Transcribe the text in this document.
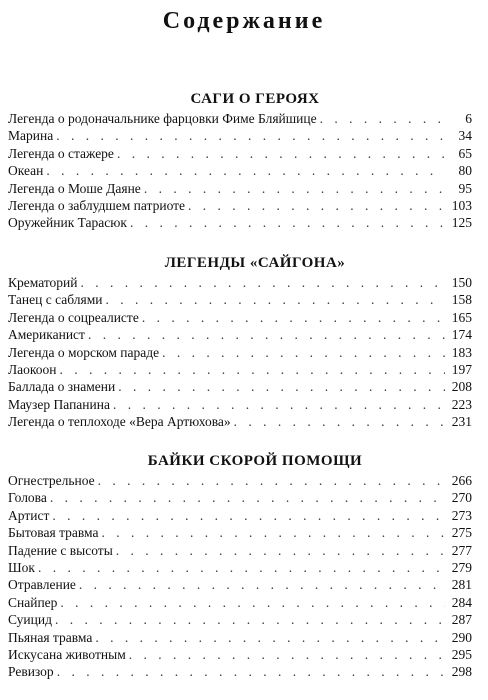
Содержание
САГИ О ГЕРОЯХ
Легенда о родоначальнике фарцовки Фиме Бляйшице . . .	6
Марина . . .	34
Легенда о стажере . . .	65
Океан . . .	80
Легенда о Моше Даяне . . .	95
Легенда о заблудшем патриоте . . .	103
Оружейник Тарасюк . . .	125
ЛЕГЕНДЫ «САЙГОНА»
Крематорий . . .	150
Танец с саблями . . .	158
Легенда о соцреалисте . . .	165
Американист . . .	174
Легенда о морском параде . . .	183
Лаокоон . . .	197
Баллада о знамени . . .	208
Маузер Папанина . . .	223
Легенда о теплоходе «Вера Артюхова» . . .	231
БАЙКИ СКОРОЙ ПОМОЩИ
Огнестрельное . . .	266
Голова . . .	270
Артист . . .	273
Бытовая травма . . .	275
Падение с высоты . . .	277
Шок . . .	279
Отравление . . .	281
Снайпер . . .	284
Суицид . . .	287
Пьяная травма . . .	290
Искусана животным . . .	295
Ревизор . . .	298
